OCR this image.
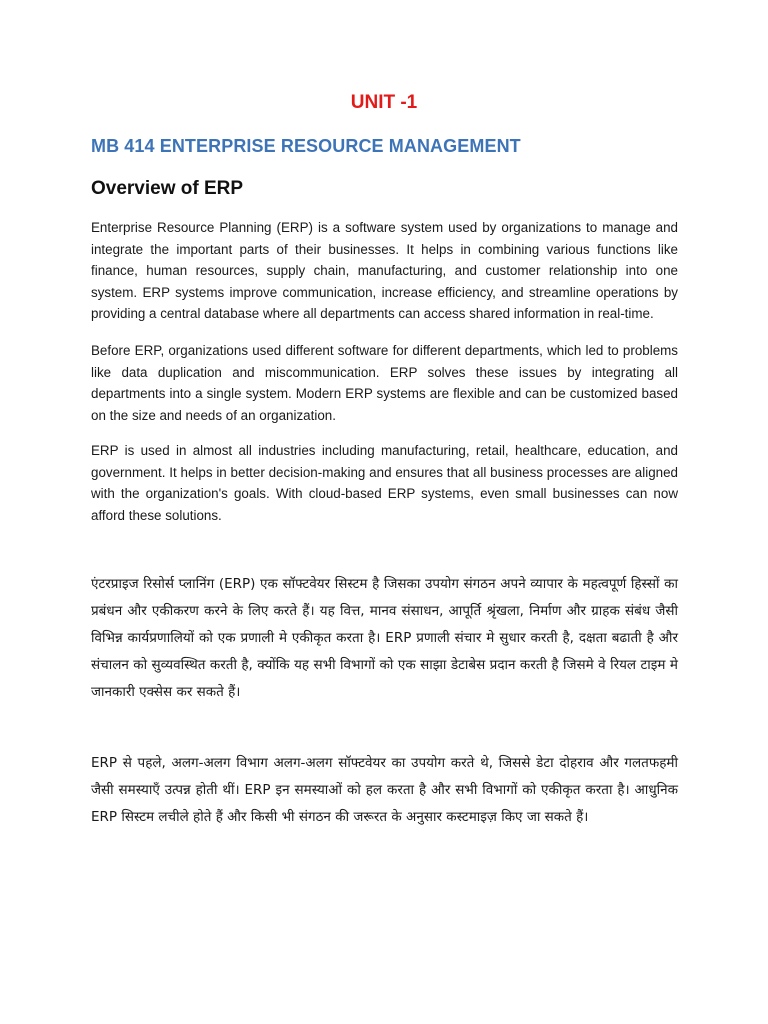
UNIT -1
MB 414 ENTERPRISE RESOURCE MANAGEMENT
Overview of ERP

Enterprise Resource Planning (ERP) is a software system used by organizations to manage and integrate the important parts of their businesses. It helps in combining various functions like finance, human resources, supply chain, manufacturing, and customer relationship into one system. ERP systems improve communication, increase efficiency, and streamline operations by providing a central database where all departments can access shared information in real-time.

Before ERP, organizations used different software for different departments, which led to problems like data duplication and miscommunication. ERP solves these issues by integrating all departments into a single system. Modern ERP systems are flexible and can be customized based on the size and needs of an organization.

ERP is used in almost all industries including manufacturing, retail, healthcare, education, and government. It helps in better decision-making and ensures that all business processes are aligned with the organization's goals. With cloud-based ERP systems, even small businesses can now afford these solutions.

एंटरप्राइज रिसोर्स प्लानिंग (ERP) एक सॉफ्टवेयर सिस्टम है जिसका उपयोग संगठन अपने व्यापार के महत्वपूर्ण हिस्सों का प्रबंधन और एकीकरण करने के लिए करते हैं। यह वित्त, मानव संसाधन, आपूर्ति श्रृंखला, निर्माण और ग्राहक संबंध जैसी विभिन्न कार्यप्रणालियों को एक प्रणाली मे एकीकृत करता है। ERP प्रणाली संचार मे सुधार करती है, दक्षता बढाती है और संचालन को सुव्यवस्थित करती है, क्योंकि यह सभी विभागों को एक साझा डेटाबेस प्रदान करती है जिसमे वे रियल टाइम मे जानकारी एक्सेस कर सकते हैं।

ERP से पहले, अलग-अलग विभाग अलग-अलग सॉफ्टवेयर का उपयोग करते थे, जिससे डेटा दोहराव और गलतफहमी जैसी समस्याएँ उत्पन्न होती थीं। ERP इन समस्याओं को हल करता है और सभी विभागों को एकीकृत करता है। आधुनिक ERP सिस्टम लचीले होते हैं और किसी भी संगठन की जरूरत के अनुसार कस्टमाइज़ किए जा सकते हैं।
